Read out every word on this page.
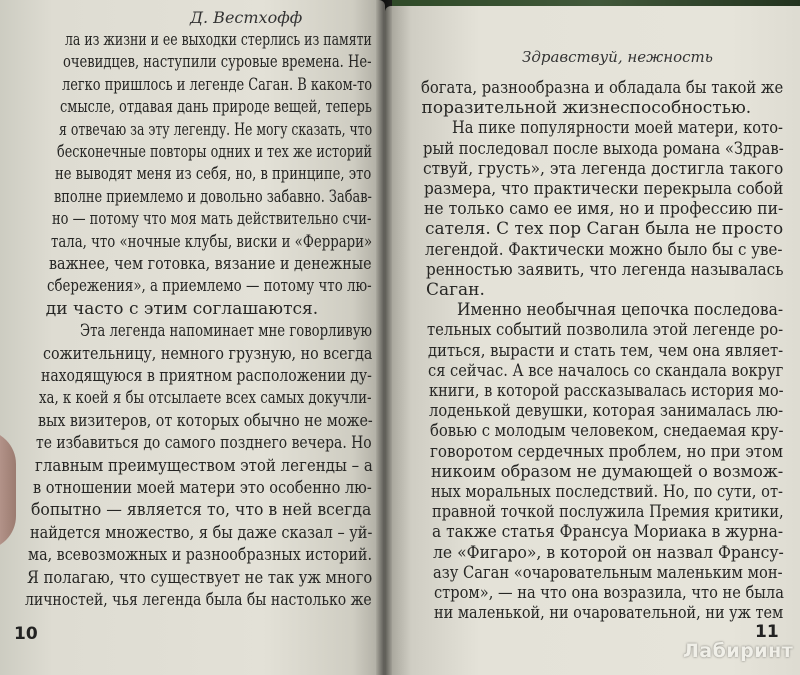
Д. Вестхофф
ла из жизни и ее выходки стерлись из памяти
очевидцев, наступили суровые времена. Не-
легко пришлось и легенде Саган. В каком-то
смысле, отдавая дань природе вещей, теперь
я отвечаю за эту легенду. Не могу сказать, что
бесконечные повторы одних и тех же историй
не выводят меня из себя, но, в принципе, это
вполне приемлемо и довольно забавно. Забав-
но — потому что моя мать действительно счи-
тала, что «ночные клубы, виски и «Феррари»
важнее, чем готовка, вязание и денежные
сбережения», а приемлемо — потому что лю-
ди часто с этим соглашаются.
Эта легенда напоминает мне говорливую
сожительницу, немного грузную, но всегда
находящуюся в приятном расположении ду-
ха, к коей я бы отсылаете всех самых докучли-
вых визитеров, от которых обычно не може-
те избавиться до самого позднего вечера. Но
главным преимуществом этой легенды – а
в отношении моей матери это особенно лю-
бопытно — является то, что в ней всегда
найдется множество, я бы даже сказал – уй-
ма, всевозможных и разнообразных историй.
Я полагаю, что существует не так уж много
личностей, чья легенда была бы настолько же
10
Здравствуй, нежность
богата, разнообразна и обладала бы такой же
поразительной жизнеспособностью.
На пике популярности моей матери, кото-
рый последовал после выхода романа «Здрав-
ствуй, грусть», эта легенда достигла такого
размера, что практически перекрыла собой
не только само ее имя, но и профессию пи-
сателя. С тех пор Саган была не просто
легендой. Фактически можно было бы с уве-
ренностью заявить, что легенда называлась
Саган.
Именно необычная цепочка последова-
тельных событий позволила этой легенде ро-
диться, вырасти и стать тем, чем она являет-
ся сейчас. А все началось со скандала вокруг
книги, в которой рассказывалась история мо-
лоденькой девушки, которая занималась лю-
бовью с молодым человеком, снедаемая кру-
говоротом сердечных проблем, но при этом
никоим образом не думающей о возмож-
ных моральных последствий. Но, по сути, от-
правной точкой послужила Премия критики,
а также статья Франсуа Мориака в журна-
ле «Фигаро», в которой он назвал Франсу-
азу Саган «очаровательным маленьким мон-
стром», — на что она возразила, что не была
ни маленькой, ни очаровательной, ни уж тем
11
Лабиринт
